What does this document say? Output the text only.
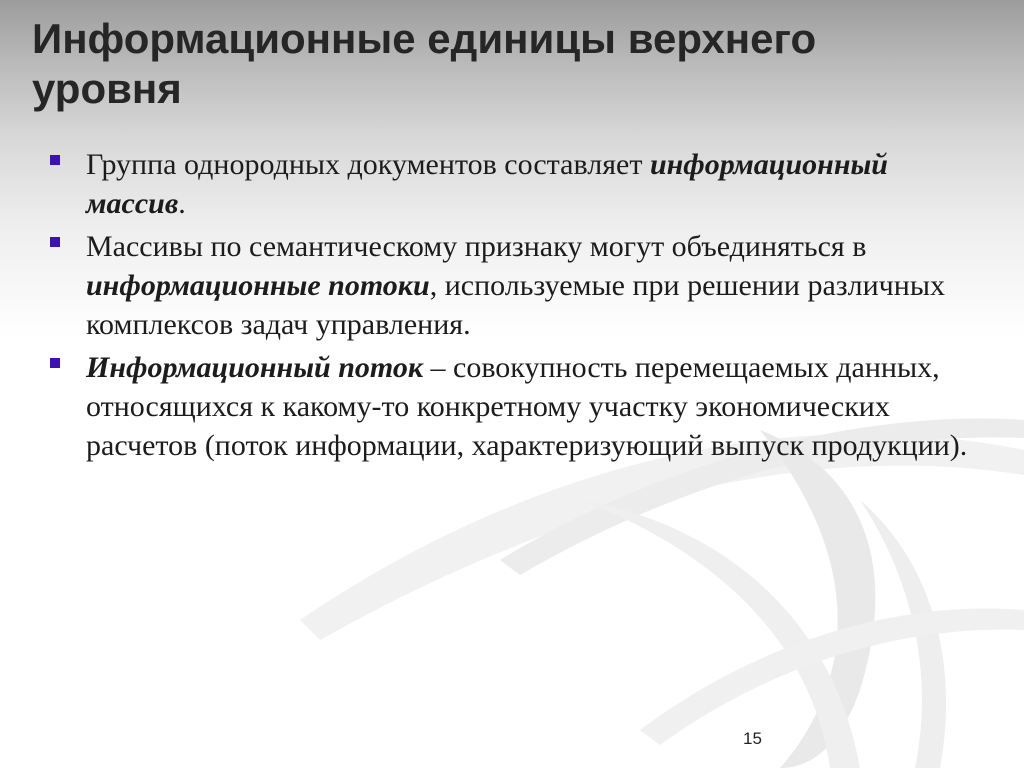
Информационные единицы верхнего уровня
Группа однородных документов составляет информационный массив.
Массивы по семантическому признаку могут объединяться в информационные потоки, используемые при решении различных комплексов задач управления.
Информационный поток – совокупность перемещаемых данных, относящихся к какому-то конкретному участку экономических расчетов (поток информации, характеризующий выпуск продукции).
15
